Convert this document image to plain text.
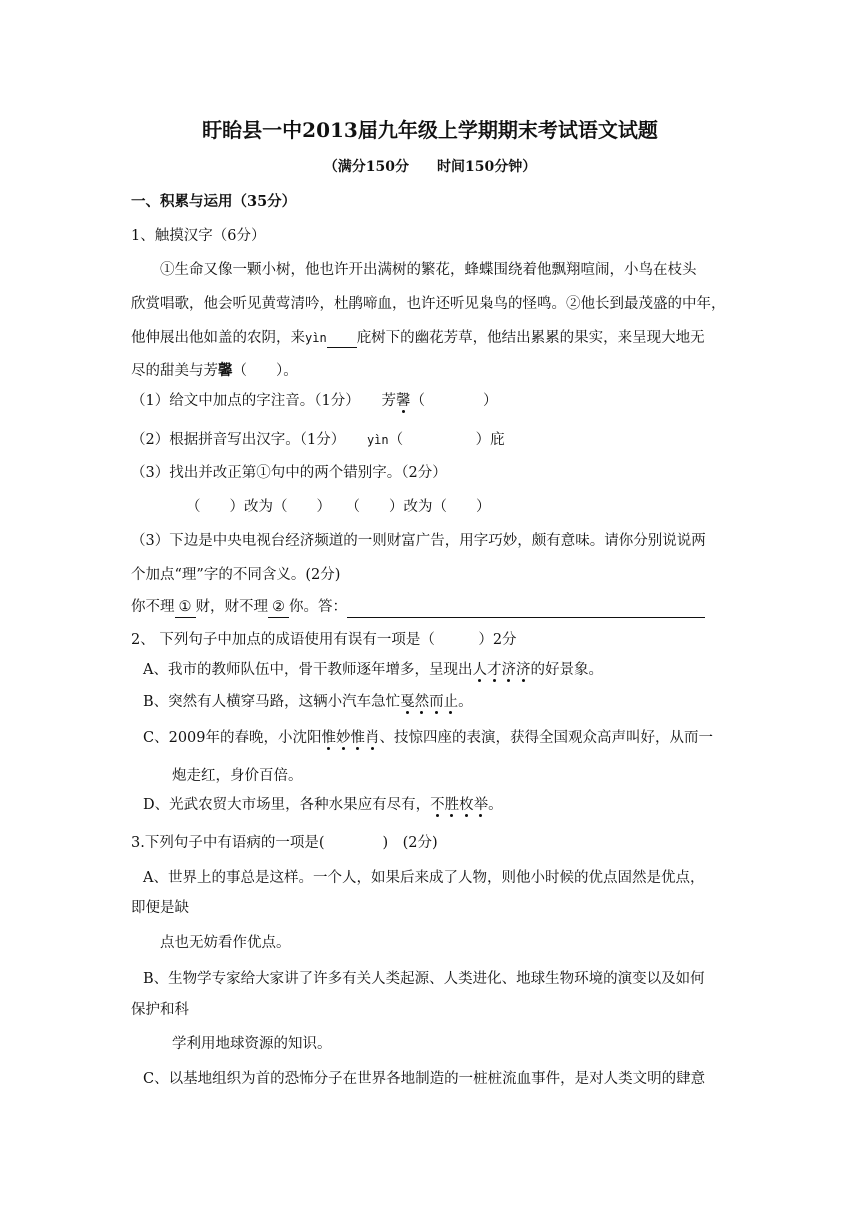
盱眙县一中2013届九年级上学期期末考试语文试题
（满分150分　　时间150分钟）
一、积累与运用（35分）
1、触摸汉字（6分）
①生命又像一颗小树，他也许开出满树的繁花，蜂蝶围绕着他飘翔喧闹，小鸟在枝头
欣赏唱歌，他会听见黄莺清吟，杜鹃啼血，也许还听见枭鸟的怪鸣。②他长到最茂盛的中年，
他伸展出他如盖的农阴，来yìn 庇树下的幽花芳草，他结出累累的果实，来呈现大地无
尽的甜美与芳馨（　　）。
（1）给文中加点的字注音。（1分）　　芳馨（　　　　）
（2）根据拼音写出汉字。（1分）　　yìn（　　　　　）庇
（3）找出并改正第①句中的两个错别字。（2分）
（　　）改为（　　）　　（　　）改为（　　）
（3）下边是中央电视台经济频道的一则财富广告，用字巧妙，颇有意味。请你分别说说两
个加点“理”字的不同含义。(2分)
你不理 ① 财，财不理 ② 你。答：
2、 下列句子中加点的成语使用有误有一项是（　　　）2分
A、我市的教师队伍中，骨干教师逐年增多，呈现出人才济济的好景象。
B、突然有人横穿马路，这辆小汽车急忙戛然而止。
C、2009年的春晚，小沈阳惟妙惟肖、技惊四座的表演，获得全国观众高声叫好，从而一
炮走红，身价百倍。
D、光武农贸大市场里，各种水果应有尽有，不胜枚举。
3.下列句子中有语病的一项是(　　　　)　(2分)
A、世界上的事总是这样。一个人，如果后来成了人物，则他小时候的优点固然是优点，
即便是缺
点也无妨看作优点。
B、生物学专家给大家讲了许多有关人类起源、人类进化、地球生物环境的演变以及如何
保护和科
学利用地球资源的知识。
C、以基地组织为首的恐怖分子在世界各地制造的一桩桩流血事件，是对人类文明的肆意
